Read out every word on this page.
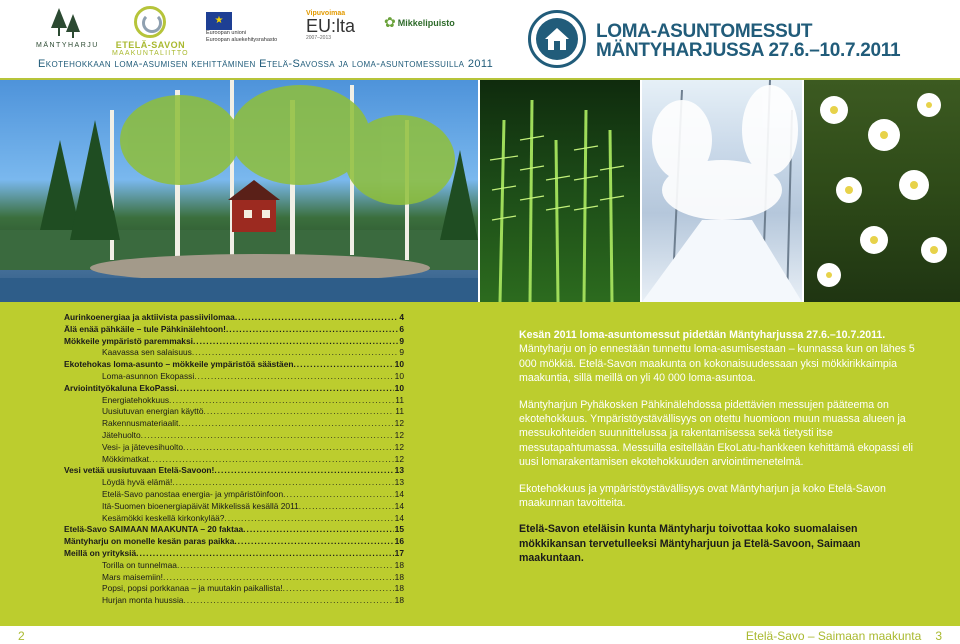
MÄNTYHARJU ETELÄ-SAVON
MAAKUNTALIITTO
★
Euroopan unioni
Euroopan aluekehitysrahasto
Vipuvoimaa
EU:lta
2007–2013
✿ Mikkelipuisto	LOMA-ASUNTOMESSUT
MÄNTYHARJUSSA 27.6.–10.7.2011
Ekotehokkaan loma-asumisen kehittäminen Etelä-Savossa ja loma-asuntomessuilla 2011
Aurinkoenergiaa ja aktiivista passiivilomaa .....	4
Älä enää pähkäile – tule Pähkinälehtoon! .....	6
Mökkeile ympäristö paremmaksi .....	9
Kaavassa sen salaisuus .....	9
Ekotehokas loma-asunto – mökkeile ympäristöä säästäen .....	10
Loma-asunnon Ekopassi .....	10
Arviointityökaluna EkoPassi .....	10
Energiatehokkuus .....	11
Uusiutuvan energian käyttö .....	11
Rakennusmateriaalit .....	12
Jätehuolto .....	12
Vesi- ja jätevesihuolto .....	12
Mökkimatkat .....	12
Vesi vetää uusiutuvaan Etelä-Savoon! .....	13
Löydä hyvä elämä! .....	13
Etelä-Savo panostaa energia- ja ympäristöinfoon .....	14
Itä-Suomen bioenergiapäivät Mikkelissä kesällä 2011 .....	14
Kesämökki keskellä kirkonkylää? .....	14
Etelä-Savo SAIMAAN MAAKUNTA – 20 faktaa .....	15
Mäntyharju on monelle kesän paras paikka .....	16
Meillä on yrityksiä .....	17
Torilla on tunnelmaa .....	18
Mars maisemiin! .....	18
Popsi, popsi porkkanaa – ja muutakin paikallista! .....	18
Hurjan monta huussia .....	18

Kesän 2011 loma-asuntomessut pidetään Mäntyharjussa 27.6.–10.7.2011. Mäntyharju on jo ennestään tunnettu loma-asumisestaan – kunnassa kun on lähes 5 000 mökkiä. Etelä-Savon maakunta on kokonaisuudessaan yksi mökkirikkaimpia maakuntia, sillä meillä on yli 40 000 loma-asuntoa.

Mäntyharjun Pyhäkosken Pähkinälehdossa pidettävien messujen pääteema on ekotehokkuus. Ympäristöystävällisyys on otettu huomioon muun muassa alueen ja messukohteiden suunnittelussa ja rakentamisessa sekä tietysti itse messutapahtumassa. Messuilla esitellään EkoLatu-hankkeen kehittämä ekopassi eli uusi lomarakentamisen ekotehokkuuden arviointimenetelmä.

Ekotehokkuus ja ympäristöystävällisyys ovat Mäntyharjun ja koko Etelä-Savon maakunnan tavoitteita.

Etelä-Savon eteläisin kunta Mäntyharju toivottaa koko suomalaisen mökkikansan tervetulleeksi Mäntyharjuun ja Etelä-Savoon, Saimaan maakuntaan.

2	Etelä-Savo – Saimaan maakunta 3
